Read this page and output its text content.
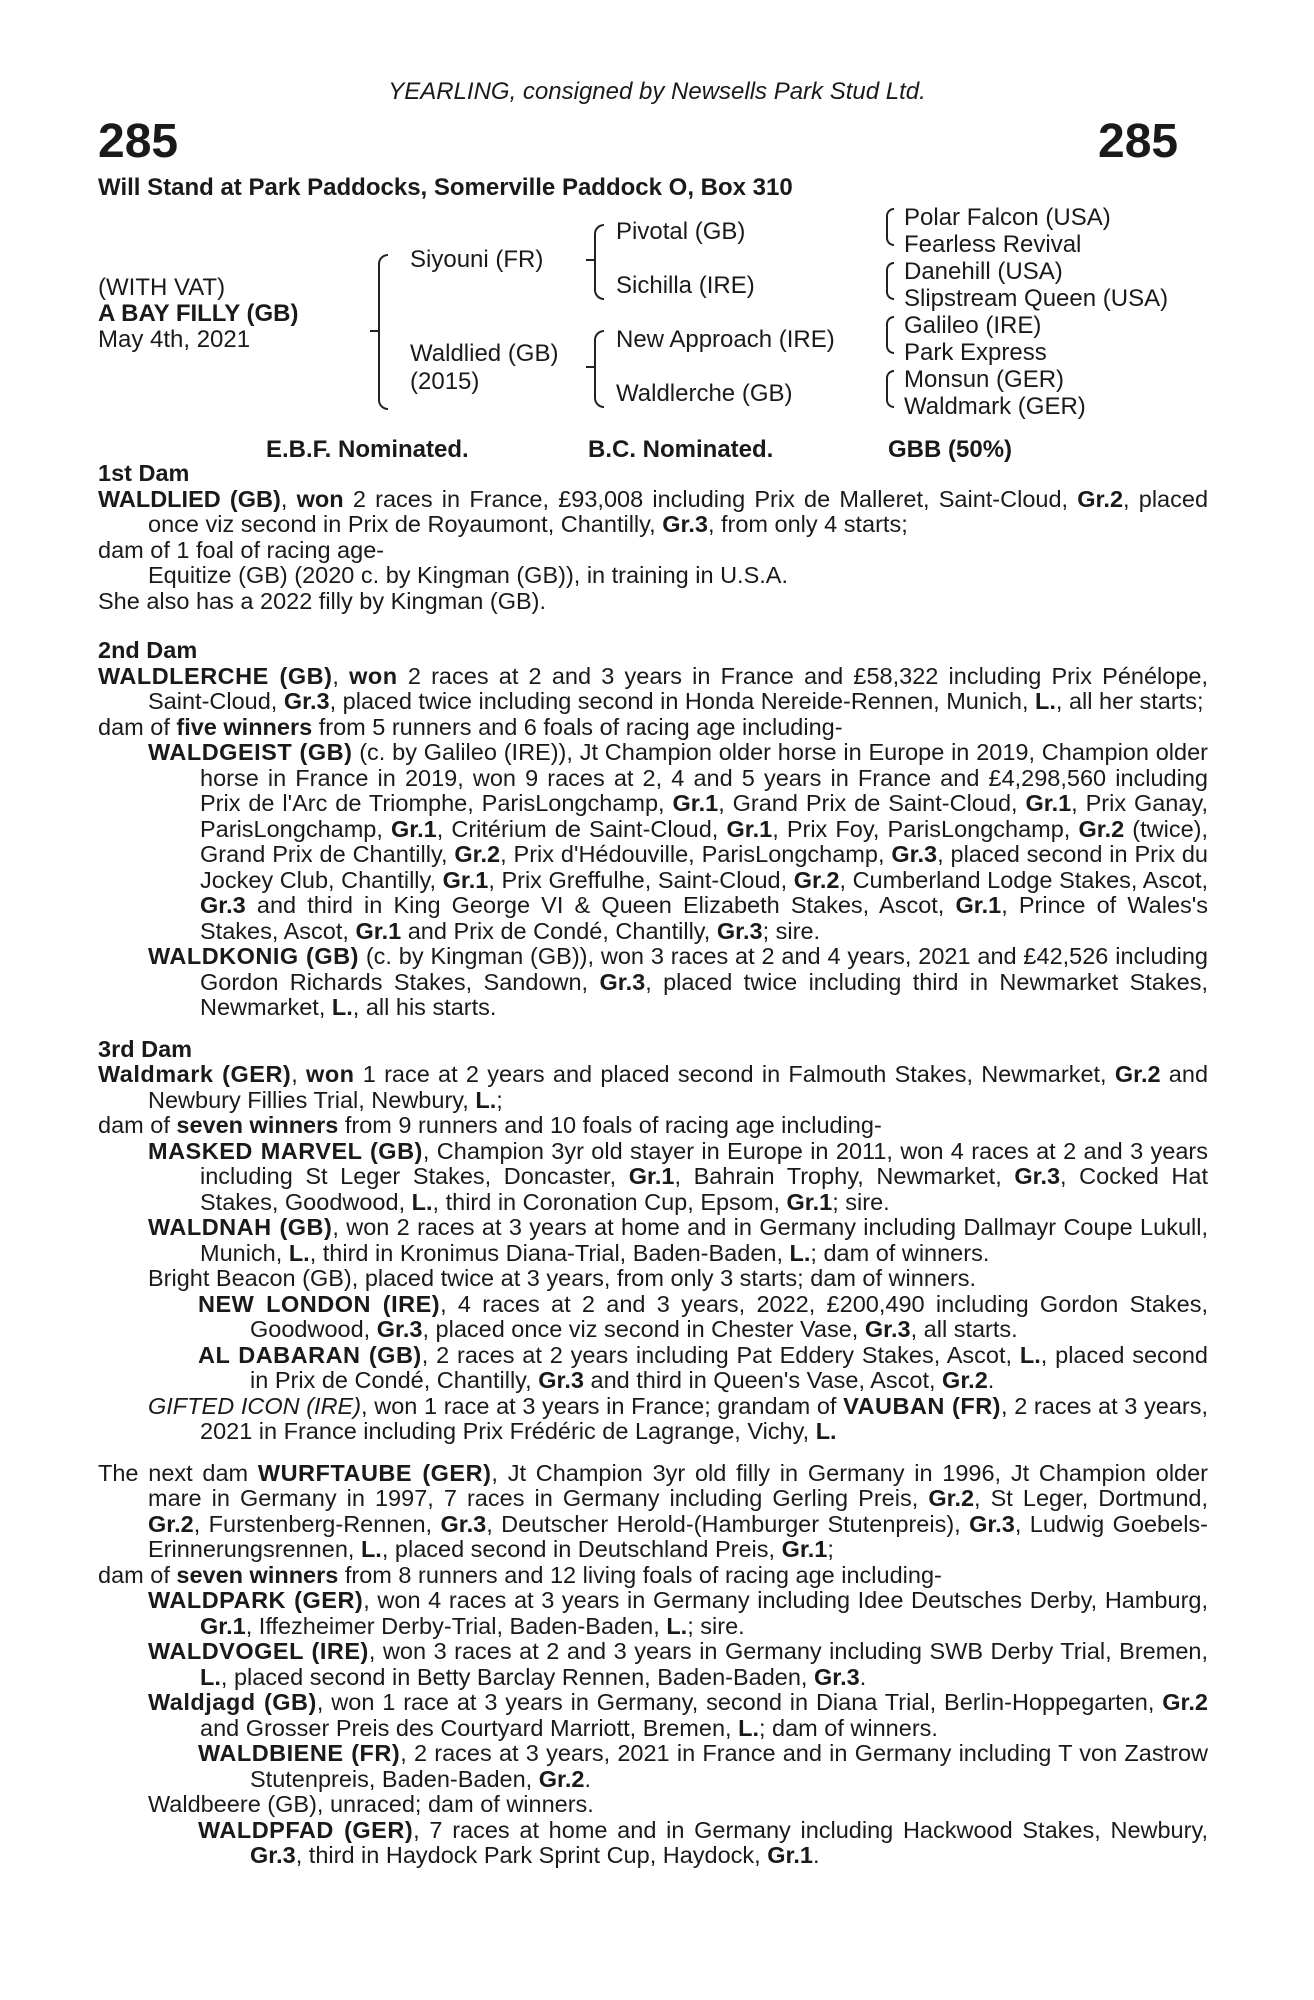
YEARLING, consigned by Newsells Park Stud Ltd.
285	285
Will Stand at Park Paddocks, Somerville Paddock O, Box 310
(WITH VAT)
A BAY FILLY (GB)
May 4th, 2021
Siyouni (FR)
Waldlied (GB)
(2015)
Pivotal (GB)
Sichilla (IRE)
New Approach (IRE)
Waldlerche (GB)
Polar Falcon (USA)
Fearless Revival
Danehill (USA)
Slipstream Queen (USA)
Galileo (IRE)
Park Express
Monsun (GER)
Waldmark (GER)
E.B.F. Nominated.	B.C. Nominated.	GBB (50%)

1st Dam

WALDLIED (GB), won 2 races in France, £93,008 including Prix de Malleret, Saint-Cloud, Gr.2, placed once viz second in Prix de Royaumont, Chantilly, Gr.3, from only 4 starts;

dam of 1 foal of racing age-

Equitize (GB) (2020 c. by Kingman (GB)), in training in U.S.A.

She also has a 2022 filly by Kingman (GB).

2nd Dam

WALDLERCHE (GB), won 2 races at 2 and 3 years in France and £58,322 including Prix Pénélope, Saint-Cloud, Gr.3, placed twice including second in Honda Nereide-Rennen, Munich, L., all her starts;

dam of five winners from 5 runners and 6 foals of racing age including-

WALDGEIST (GB) (c. by Galileo (IRE)), Jt Champion older horse in Europe in 2019, Champion older horse in France in 2019, won 9 races at 2, 4 and 5 years in France and £4,298,560 including Prix de l'Arc de Triomphe, ParisLongchamp, Gr.1, Grand Prix de Saint-Cloud, Gr.1, Prix Ganay, ParisLongchamp, Gr.1, Critérium de Saint-Cloud, Gr.1, Prix Foy, ParisLongchamp, Gr.2 (twice), Grand Prix de Chantilly, Gr.2, Prix d'Hédouville, ParisLongchamp, Gr.3, placed second in Prix du Jockey Club, Chantilly, Gr.1, Prix Greffulhe, Saint-Cloud, Gr.2, Cumberland Lodge Stakes, Ascot, Gr.3 and third in King George VI & Queen Elizabeth Stakes, Ascot, Gr.1, Prince of Wales's Stakes, Ascot, Gr.1 and Prix de Condé, Chantilly, Gr.3; sire.

WALDKONIG (GB) (c. by Kingman (GB)), won 3 races at 2 and 4 years, 2021 and £42,526 including Gordon Richards Stakes, Sandown, Gr.3, placed twice including third in Newmarket Stakes, Newmarket, L., all his starts.

3rd Dam

Waldmark (GER), won 1 race at 2 years and placed second in Falmouth Stakes, Newmarket, Gr.2 and Newbury Fillies Trial, Newbury, L.;

dam of seven winners from 9 runners and 10 foals of racing age including-

MASKED MARVEL (GB), Champion 3yr old stayer in Europe in 2011, won 4 races at 2 and 3 years including St Leger Stakes, Doncaster, Gr.1, Bahrain Trophy, Newmarket, Gr.3, Cocked Hat Stakes, Goodwood, L., third in Coronation Cup, Epsom, Gr.1; sire.

WALDNAH (GB), won 2 races at 3 years at home and in Germany including Dallmayr Coupe Lukull, Munich, L., third in Kronimus Diana-Trial, Baden-Baden, L.; dam of winners.

Bright Beacon (GB), placed twice at 3 years, from only 3 starts; dam of winners.

NEW LONDON (IRE), 4 races at 2 and 3 years, 2022, £200,490 including Gordon Stakes, Goodwood, Gr.3, placed once viz second in Chester Vase, Gr.3, all starts.

AL DABARAN (GB), 2 races at 2 years including Pat Eddery Stakes, Ascot, L., placed second in Prix de Condé, Chantilly, Gr.3 and third in Queen's Vase, Ascot, Gr.2.

GIFTED ICON (IRE), won 1 race at 3 years in France; grandam of VAUBAN (FR), 2 races at 3 years, 2021 in France including Prix Frédéric de Lagrange, Vichy, L.

The next dam WURFTAUBE (GER), Jt Champion 3yr old filly in Germany in 1996, Jt Champion older mare in Germany in 1997, 7 races in Germany including Gerling Preis, Gr.2, St Leger, Dortmund, Gr.2, Furstenberg-Rennen, Gr.3, Deutscher Herold-(Hamburger Stutenpreis), Gr.3, Ludwig Goebels-Erinnerungsrennen, L., placed second in Deutschland Preis, Gr.1;

dam of seven winners from 8 runners and 12 living foals of racing age including-

WALDPARK (GER), won 4 races at 3 years in Germany including Idee Deutsches Derby, Hamburg, Gr.1, Iffezheimer Derby-Trial, Baden-Baden, L.; sire.

WALDVOGEL (IRE), won 3 races at 2 and 3 years in Germany including SWB Derby Trial, Bremen, L., placed second in Betty Barclay Rennen, Baden-Baden, Gr.3.

Waldjagd (GB), won 1 race at 3 years in Germany, second in Diana Trial, Berlin-Hoppegarten, Gr.2 and Grosser Preis des Courtyard Marriott, Bremen, L.; dam of winners.

WALDBIENE (FR), 2 races at 3 years, 2021 in France and in Germany including T von Zastrow Stutenpreis, Baden-Baden, Gr.2.

Waldbeere (GB), unraced; dam of winners.

WALDPFAD (GER), 7 races at home and in Germany including Hackwood Stakes, Newbury, Gr.3, third in Haydock Park Sprint Cup, Haydock, Gr.1.
